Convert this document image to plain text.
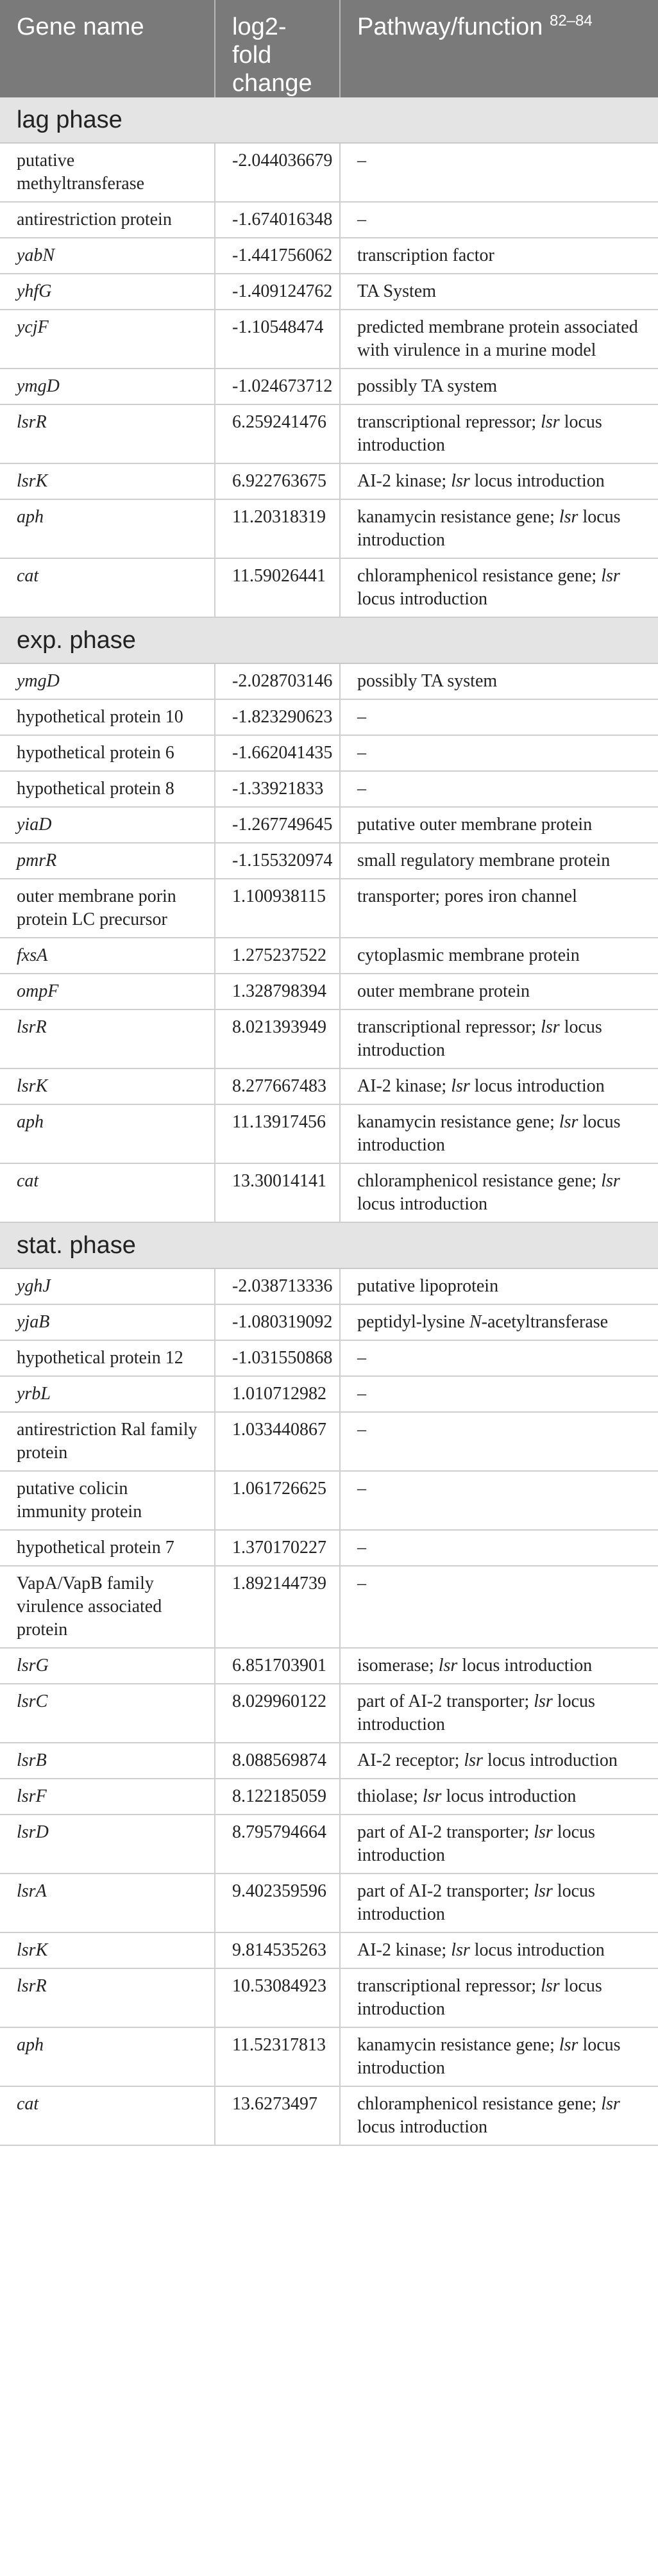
Gene name	log2-fold change	Pathway/function $^{82-84}$
lag phase		
putative methyltransferase	-2.044036679	–
antirestriction protein	-1.674016348	–
yabN	-1.441756062	transcription factor
yhfG	-1.409124762	TA System
ycjF	-1.10548474	predicted membrane protein associated with virulence in a murine model
ymgD	-1.024673712	possibly TA system
lsrR	6.259241476	transcriptional repressor; lsr locus introduction
lsrK	6.922763675	AI-2 kinase; lsr locus introduction
aph	11.20318319	kanamycin resistance gene; lsr locus introduction
cat	11.59026441	chloramphenicol resistance gene; lsr locus introduction
exp. phase		
ymgD	-2.028703146	possibly TA system
hypothetical protein 10	-1.823290623	–
hypothetical protein 6	-1.662041435	–
hypothetical protein 8	-1.33921833	–
yiaD	-1.267749645	putative outer membrane protein
pmrR	-1.155320974	small regulatory membrane protein
outer membrane porin protein LC precursor	1.100938115	transporter; pores iron channel
fxsA	1.275237522	cytoplasmic membrane protein
ompF	1.328798394	outer membrane protein
lsrR	8.021393949	transcriptional repressor; lsr locus introduction
lsrK	8.277667483	AI-2 kinase; lsr locus introduction
aph	11.13917456	kanamycin resistance gene; lsr locus introduction
cat	13.30014141	chloramphenicol resistance gene; lsr locus introduction
stat. phase		
yghJ	-2.038713336	putative lipoprotein
yjaB	-1.080319092	peptidyl-lysine N-acetyltransferase
hypothetical protein 12	-1.031550868	–
yrbL	1.010712982	–
antirestriction Ral family protein	1.033440867	–
putative colicin immunity protein	1.061726625	–
hypothetical protein 7	1.370170227	–
VapA/VapB family virulence associated protein	1.892144739	–
lsrG	6.851703901	isomerase; lsr locus introduction
lsrC	8.029960122	part of AI-2 transporter; lsr locus introduction
lsrB	8.088569874	AI-2 receptor; lsr locus introduction
lsrF	8.122185059	thiolase; lsr locus introduction
lsrD	8.795794664	part of AI-2 transporter; lsr locus introduction
lsrA	9.402359596	part of AI-2 transporter; lsr locus introduction
lsrK	9.814535263	AI-2 kinase; lsr locus introduction
lsrR	10.53084923	transcriptional repressor; lsr locus introduction
aph	11.52317813	kanamycin resistance gene; lsr locus introduction
cat	13.6273497	chloramphenicol resistance gene; lsr locus introduction
